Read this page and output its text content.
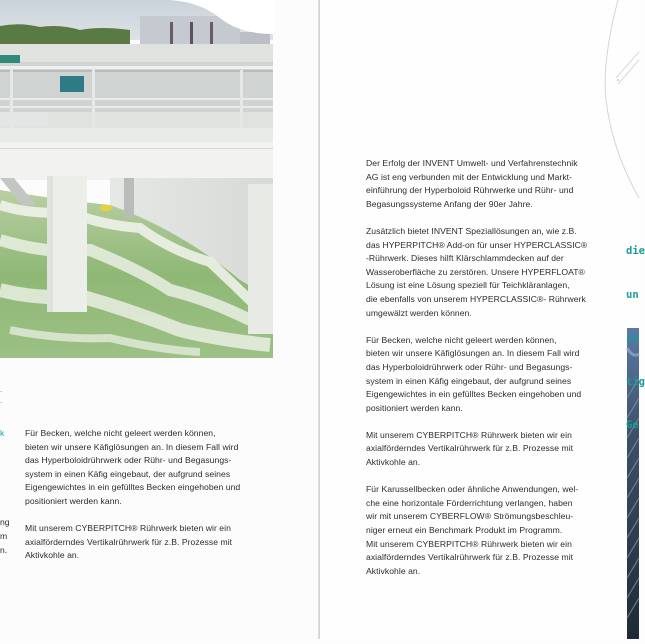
.
.
k
ng
m
n.

Für Becken, welche nicht geleert werden können,
bieten wir unsere Käfiglösungen an. In diesem Fall wird
das Hyperboloidrührwerk oder Rühr- und Begasungs-
system in einen Käfig eingebaut, der aufgrund seines
Eigengewichtes in ein gefülltes Becken eingehoben und
positioniert werden kann.

Mit unserem CYBERPITCH® Rührwerk bieten wir ein
axialförderndes Vertikalrührwerk für z.B. Prozesse mit
Aktivkohle an.

Der Erfolg der INVENT Umwelt- und Verfahrenstechnik
AG ist eng verbunden mit der Entwicklung und Markt-
einführung der Hyperboloid Rührwerke und Rühr- und
Begasungssysteme Anfang der 90er Jahre.

Zusätzlich bietet INVENT Speziallösungen an, wie z.B.
das HYPERPITCH® Add-on für unser HYPERCLASSIC®
-Rührwerk. Dieses hilft Klärschlammdecken auf der
Wasseroberfläche zu zerstören. Unsere HYPERFLOAT®
Lösung ist eine Lösung speziell für Teichkläranlagen,
die ebenfalls von unserem HYPERCLASSIC®- Rührwerk
umgewälzt werden können.

Für Becken, welche nicht geleert werden können,
bieten wir unsere Käfiglösungen an. In diesem Fall wird
das Hyperboloidrührwerk oder Rühr- und Begasungs-
system in einen Käfig eingebaut, der aufgrund seines
Eigengewichtes in ein gefülltes Becken eingehoben und
positioniert werden kann.

Mit unserem CYBERPITCH® Rührwerk bieten wir ein
axialförderndes Vertikalrührwerk für z.B. Prozesse mit
Aktivkohle an.

Für Karussellbecken oder ähnliche Anwendungen, wel-
che eine horizontale Förderrichtung verlangen, haben
wir mit unserem CYBERFLOW® Strömungsbeschleu-
niger erneut ein Benchmark Produkt im Programm.
Mit unserem CYBERPITCH® Rührwerk bieten wir ein
axialförderndes Vertikalrührwerk für z.B. Prozesse mit
Aktivkohle an.

die

un

in

tig

Ge
